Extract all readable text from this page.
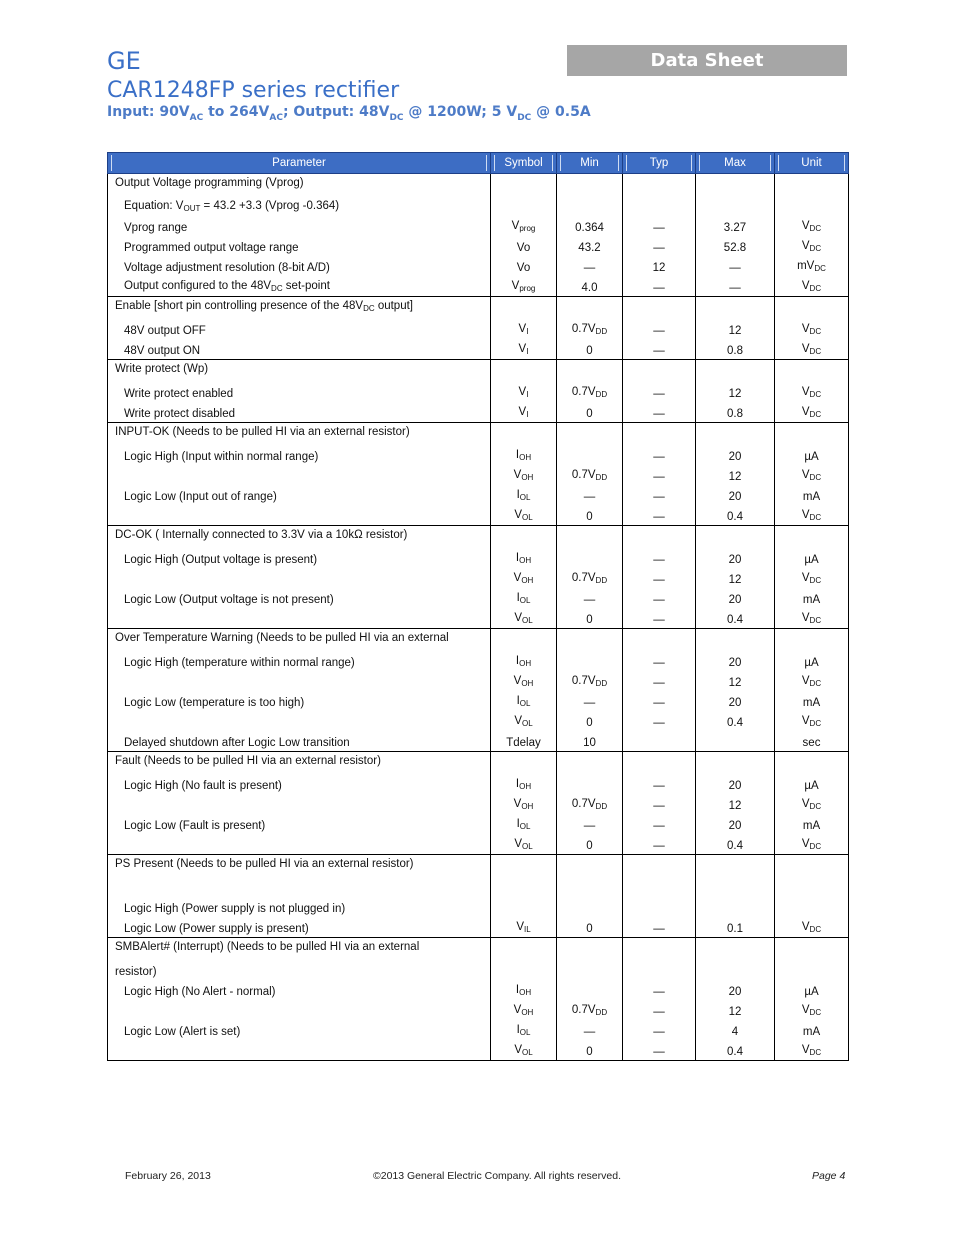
GE	Data Sheet
CAR1248FP series rectifier
Input: $90V_{AC}$ to $264V_{AC}$; Output: $48V_{DC}$ @ 1200W; 5 $V_{DC}$ @ 0.5A
Parameter	Symbol	Min	Typ	Max	Unit

Output Voltage programming (Vprog)					
Equation: VOUT = 43.2 +3.3 (Vprog -0.364)					
Vprog range	Vprog	0.364	—	3.27	VDC
Programmed output voltage range	Vo	43.2	—	52.8	VDC
Voltage adjustment resolution (8-bit A/D)	Vo	—	12	—	mVDC
Output configured to the 48VDC set-point	Vprog	4.0	—	—	VDC
Enable [short pin controlling presence of the 48VDC output]					
48V output OFF	VI	0.7VDD	—	12	VDC
48V output ON	VI	0	—	0.8	VDC
Write protect (Wp)					
Write protect enabled	VI	0.7VDD	—	12	VDC
Write protect disabled	VI	0	—	0.8	VDC
INPUT-OK (Needs to be pulled HI via an external resistor)					
Logic High (Input within normal range)	IOH		—	20	µA
	VOH	0.7VDD	—	12	VDC
Logic Low (Input out of range)	IOL	—	—	20	mA
	VOL	0	—	0.4	VDC
DC-OK ( Internally connected to 3.3V via a 10kΩ resistor)					
Logic High (Output voltage is present)	IOH		—	20	µA
	VOH	0.7VDD	—	12	VDC
Logic Low (Output voltage is not present)	IOL	—	—	20	mA
	VOL	0	—	0.4	VDC
Over Temperature Warning (Needs to be pulled HI via an external					
Logic High (temperature within normal range)	IOH		—	20	µA
	VOH	0.7VDD	—	12	VDC
Logic Low (temperature is too high)	IOL	—	—	20	mA
	VOL	0	—	0.4	VDC
Delayed shutdown after Logic Low transition	Tdelay	10			sec
Fault (Needs to be pulled HI via an external resistor)					
Logic High (No fault is present)	IOH		—	20	µA
	VOH	0.7VDD	—	12	VDC
Logic Low (Fault is present)	IOL	—	—	20	mA
	VOL	0	—	0.4	VDC
PS Present (Needs to be pulled HI via an external resistor)					

Logic High (Power supply is not plugged in)					
Logic Low (Power supply is present)	VIL	0	—	0.1	VDC
SMBAlert# (Interrupt) (Needs to be pulled HI via an external					
resistor)					
Logic High (No Alert - normal)	IOH		—	20	µA
	VOH	0.7VDD	—	12	VDC
Logic Low (Alert is set)	IOL	—	—	4	mA
	VOL	0	—	0.4	VDC
February 26, 2013	©2013 General Electric Company. All rights reserved.	Page 4
